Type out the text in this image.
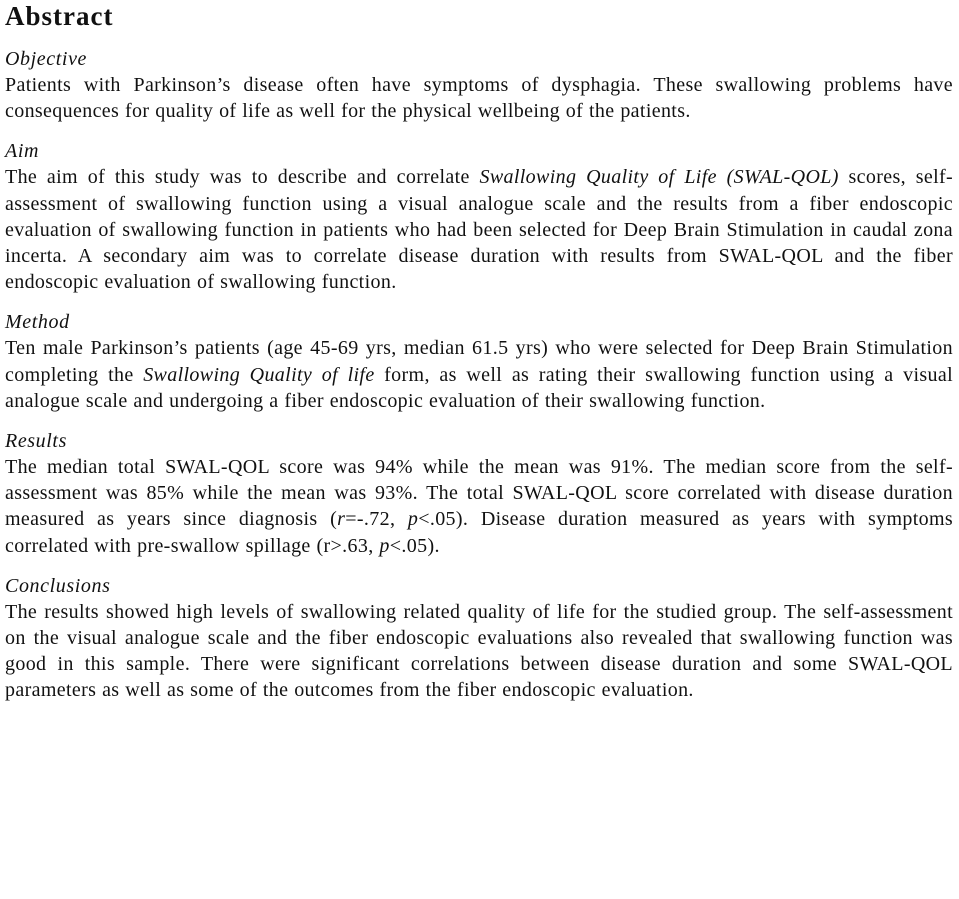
Abstract
Objective

Patients with Parkinson’s disease often have symptoms of dysphagia. These swallowing problems have consequences for quality of life as well for the physical wellbeing of the patients.

Aim

The aim of this study was to describe and correlate Swallowing Quality of Life (SWAL-QOL) scores, self-assessment of swallowing function using a visual analogue scale and the results from a fiber endoscopic evaluation of swallowing function in patients who had been selected for Deep Brain Stimulation in caudal zona incerta. A secondary aim was to correlate disease duration with results from SWAL-QOL and the fiber endoscopic evaluation of swallowing function.

Method

Ten male Parkinson’s patients (age 45-69 yrs, median 61.5 yrs) who were selected for Deep Brain Stimulation completing the Swallowing Quality of life form, as well as rating their swallowing function using a visual analogue scale and undergoing a fiber endoscopic evaluation of their swallowing function.

Results

The median total SWAL-QOL score was 94% while the mean was 91%. The median score from the self-assessment was 85% while the mean was 93%. The total SWAL-QOL score correlated with disease duration measured as years since diagnosis (r=-.72, p<.05). Disease duration measured as years with symptoms correlated with pre-swallow spillage (r>.63, p<.05).

Conclusions

The results showed high levels of swallowing related quality of life for the studied group. The self-assessment on the visual analogue scale and the fiber endoscopic evaluations also revealed that swallowing function was good in this sample. There were significant correlations between disease duration and some SWAL-QOL parameters as well as some of the outcomes from the fiber endoscopic evaluation.
